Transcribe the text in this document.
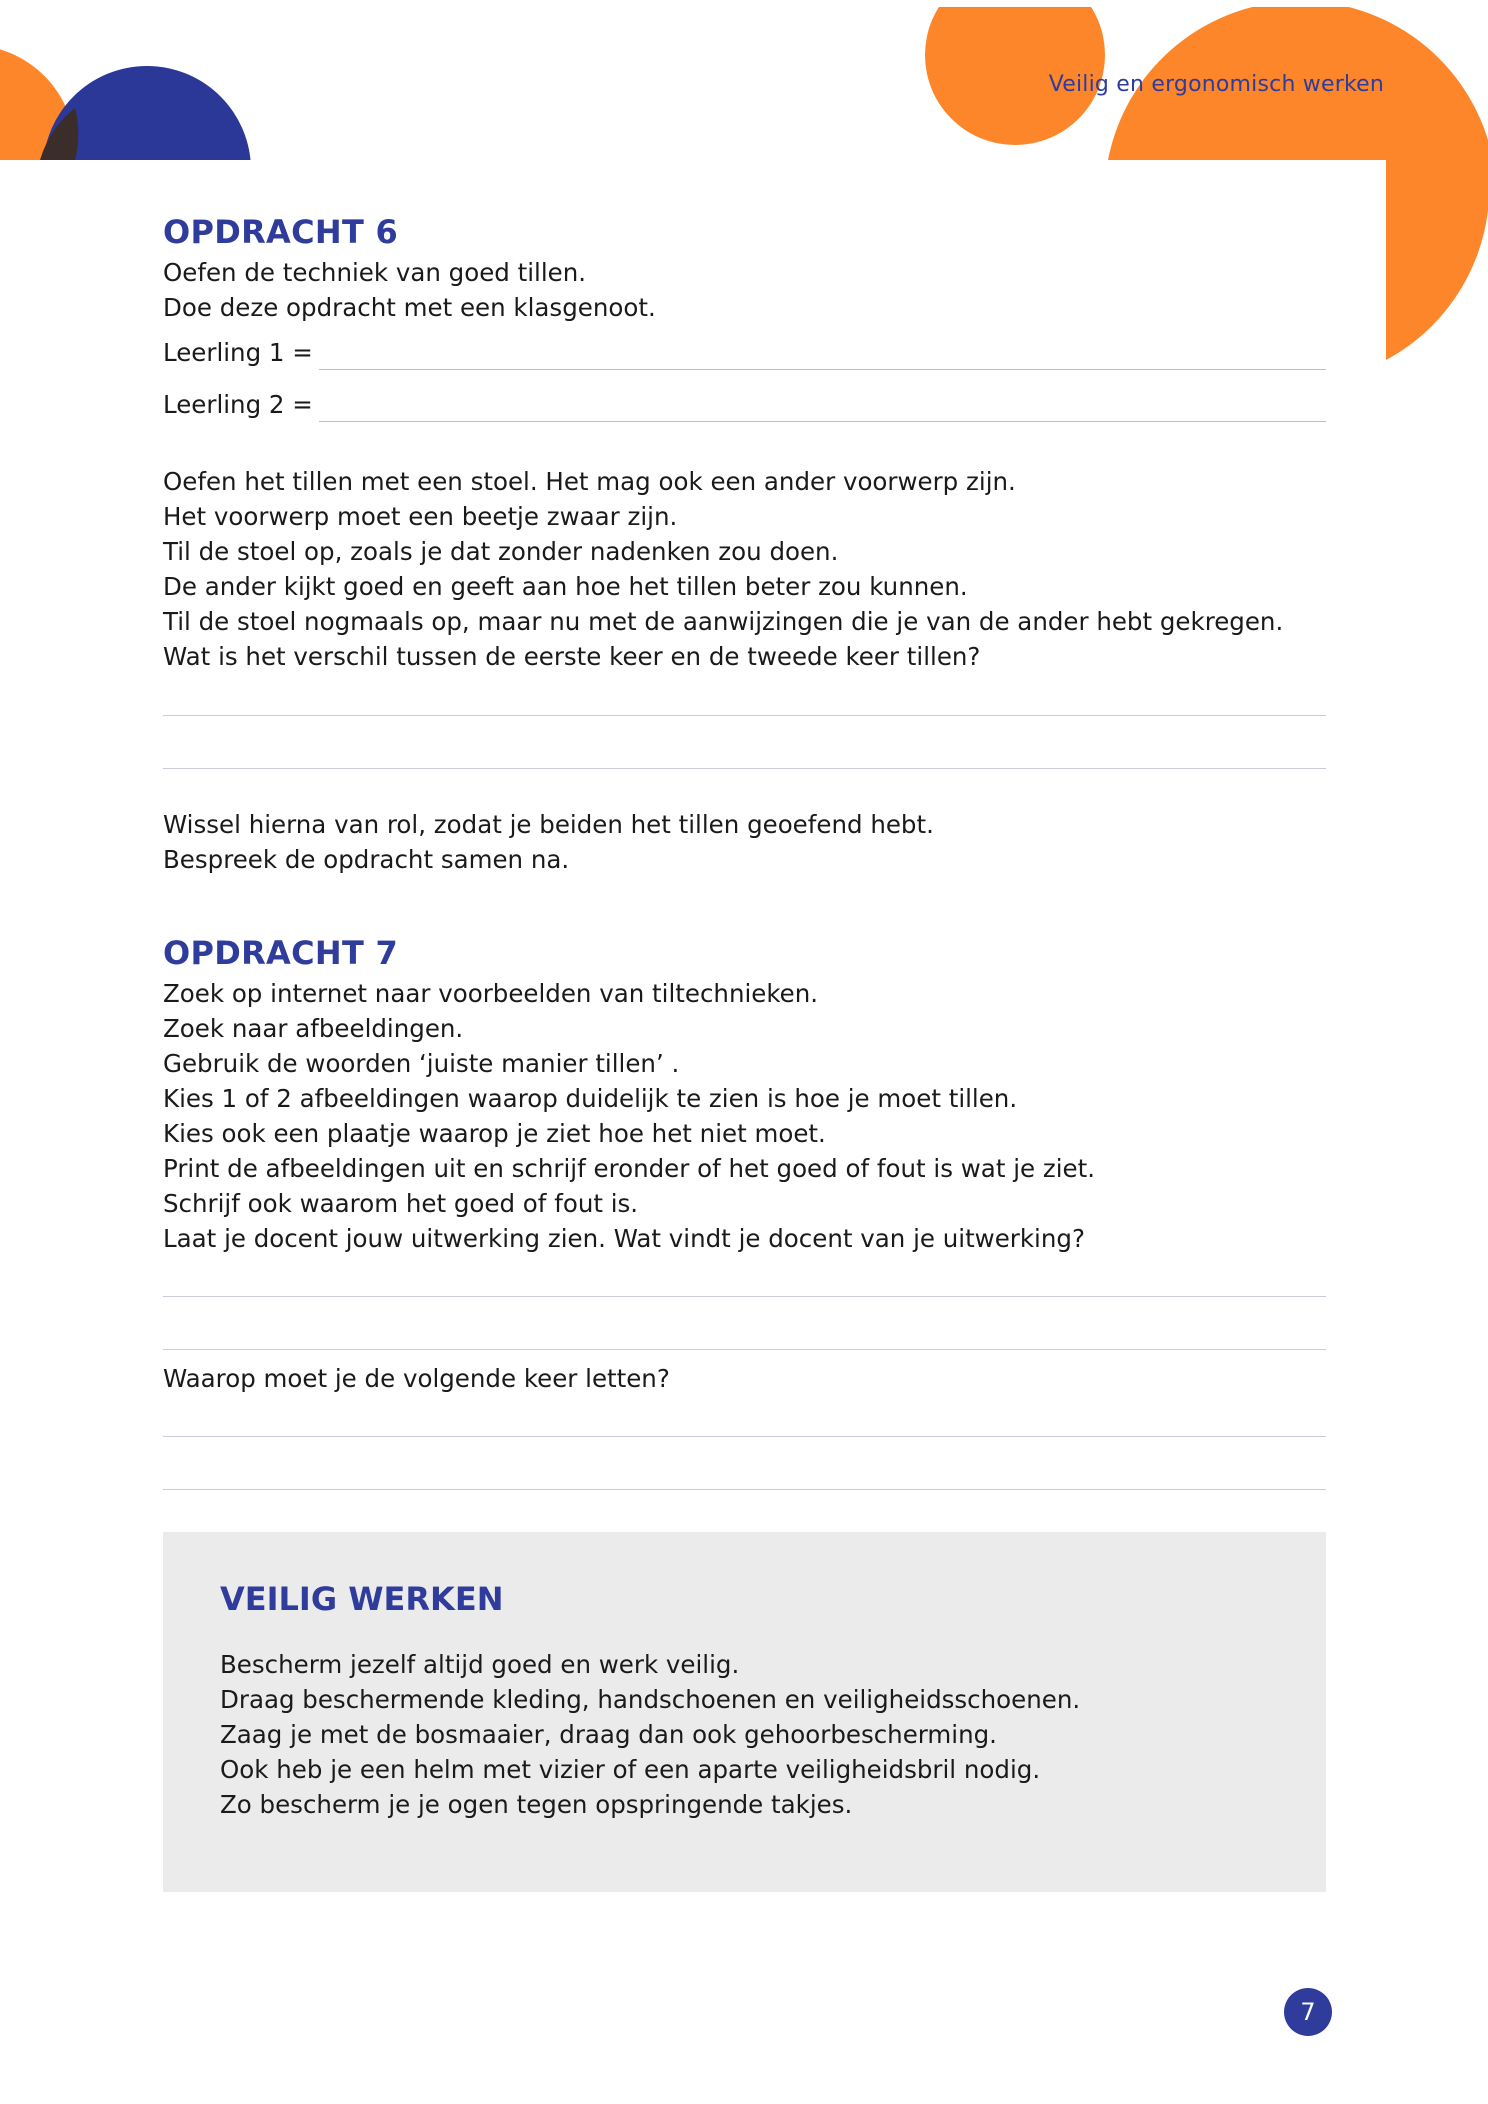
Veilig en ergonomisch werken
OPDRACHT 6

Oefen de techniek van goed tillen.

Doe deze opdracht met een klasgenoot.

Leerling 1 =
Leerling 2 =

Oefen het tillen met een stoel. Het mag ook een ander voorwerp zijn.

Het voorwerp moet een beetje zwaar zijn.

Til de stoel op, zoals je dat zonder nadenken zou doen.

De ander kijkt goed en geeft aan hoe het tillen beter zou kunnen.

Til de stoel nogmaals op, maar nu met de aanwijzingen die je van de ander hebt gekregen.

Wat is het verschil tussen de eerste keer en de tweede keer tillen?

Wissel hierna van rol, zodat je beiden het tillen geoefend hebt.

Bespreek de opdracht samen na.

OPDRACHT 7

Zoek op internet naar voorbeelden van tiltechnieken.

Zoek naar afbeeldingen.

Gebruik de woorden ‘juiste manier tillen’ .

Kies 1 of 2 afbeeldingen waarop duidelijk te zien is hoe je moet tillen.

Kies ook een plaatje waarop je ziet hoe het niet moet.

Print de afbeeldingen uit en schrijf eronder of het goed of fout is wat je ziet.

Schrijf ook waarom het goed of fout is.

Laat je docent jouw uitwerking zien. Wat vindt je docent van je uitwerking?

Waarop moet je de volgende keer letten?

VEILIG WERKEN

Bescherm jezelf altijd goed en werk veilig.

Draag beschermende kleding, handschoenen en veiligheidsschoenen.

Zaag je met de bosmaaier, draag dan ook gehoorbescherming.

Ook heb je een helm met vizier of een aparte veiligheidsbril nodig.

Zo bescherm je je ogen tegen opspringende takjes.

7
